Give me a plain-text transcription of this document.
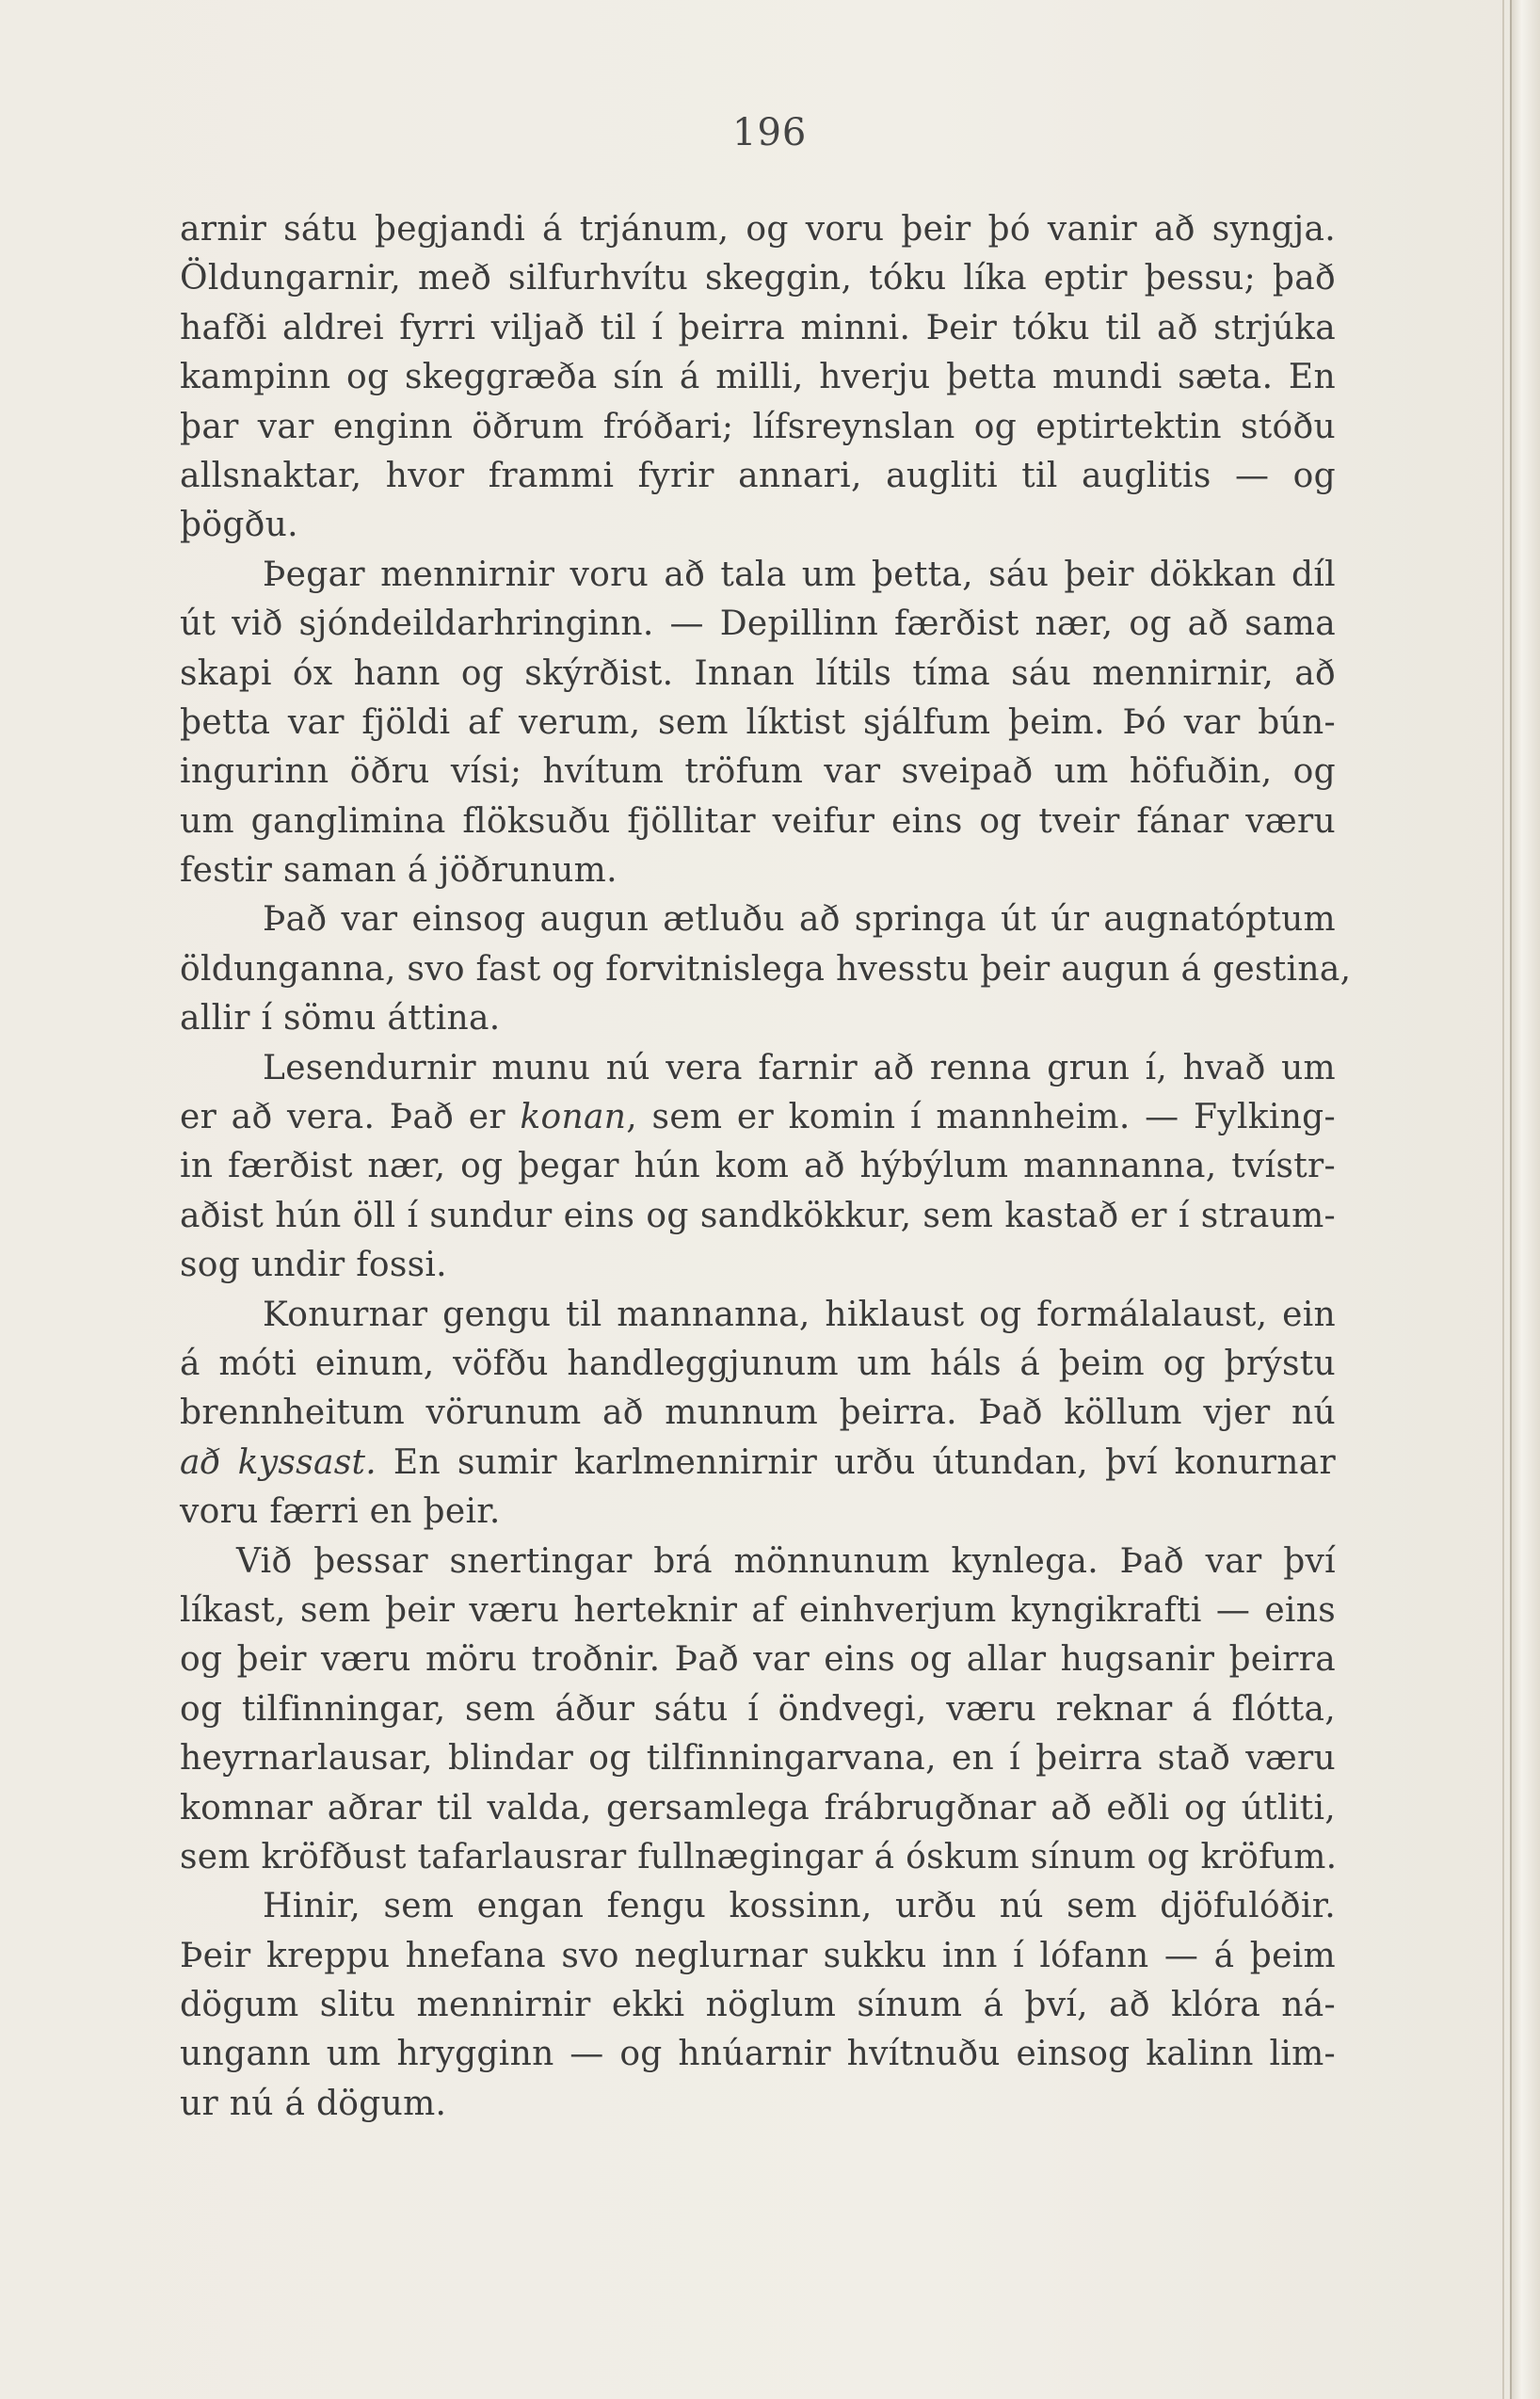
196
arnir sátu þegjandi á trjánum, og voru þeir þó vanir að syngja.
Öldungarnir, með silfurhvítu skeggin, tóku líka eptir þessu; það
hafði aldrei fyrri viljað til í þeirra minni. Þeir tóku til að strjúka
kampinn og skeggræða sín á milli, hverju þetta mundi sæta. En
þar var enginn öðrum fróðari; lífsreynslan og eptirtektin stóðu
allsnaktar, hvor frammi fyrir annari, augliti til auglitis — og
þögðu.
Þegar mennirnir voru að tala um þetta, sáu þeir dökkan díl
út við sjóndeildarhringinn. — Depillinn færðist nær, og að sama
skapi óx hann og skýrðist. Innan lítils tíma sáu mennirnir, að
þetta var fjöldi af verum, sem líktist sjálfum þeim. Þó var bún-
ingurinn öðru vísi; hvítum tröfum var sveipað um höfuðin, og
um ganglimina flöksuðu fjöllitar veifur eins og tveir fánar væru
festir saman á jöðrunum.
Það var einsog augun ætluðu að springa út úr augnatóptum
öldunganna, svo fast og forvitnislega hvesstu þeir augun á gestina,
allir í sömu áttina.
Lesendurnir munu nú vera farnir að renna grun í, hvað um
er að vera. Það er konan, sem er komin í mannheim. — Fylking-
in færðist nær, og þegar hún kom að hýbýlum mannanna, tvístr-
aðist hún öll í sundur eins og sandkökkur, sem kastað er í straum-
sog undir fossi.
Konurnar gengu til mannanna, hiklaust og formálalaust, ein
á móti einum, vöfðu handleggjunum um háls á þeim og þrýstu
brennheitum vörunum að munnum þeirra. Það köllum vjer nú
að kyssast. En sumir karlmennirnir urðu útundan, því konurnar
voru færri en þeir.
Við þessar snertingar brá mönnunum kynlega. Það var því
líkast, sem þeir væru herteknir af einhverjum kyngikrafti — eins
og þeir væru möru troðnir. Það var eins og allar hugsanir þeirra
og tilfinningar, sem áður sátu í öndvegi, væru reknar á flótta,
heyrnarlausar, blindar og tilfinningarvana, en í þeirra stað væru
komnar aðrar til valda, gersamlega frábrugðnar að eðli og útliti,
sem kröfðust tafarlausrar fullnægingar á óskum sínum og kröfum.
Hinir, sem engan fengu kossinn, urðu nú sem djöfulóðir.
Þeir kreppu hnefana svo neglurnar sukku inn í lófann — á þeim
dögum slitu mennirnir ekki nöglum sínum á því, að klóra ná-
ungann um hrygginn — og hnúarnir hvítnuðu einsog kalinn lim-
ur nú á dögum.
